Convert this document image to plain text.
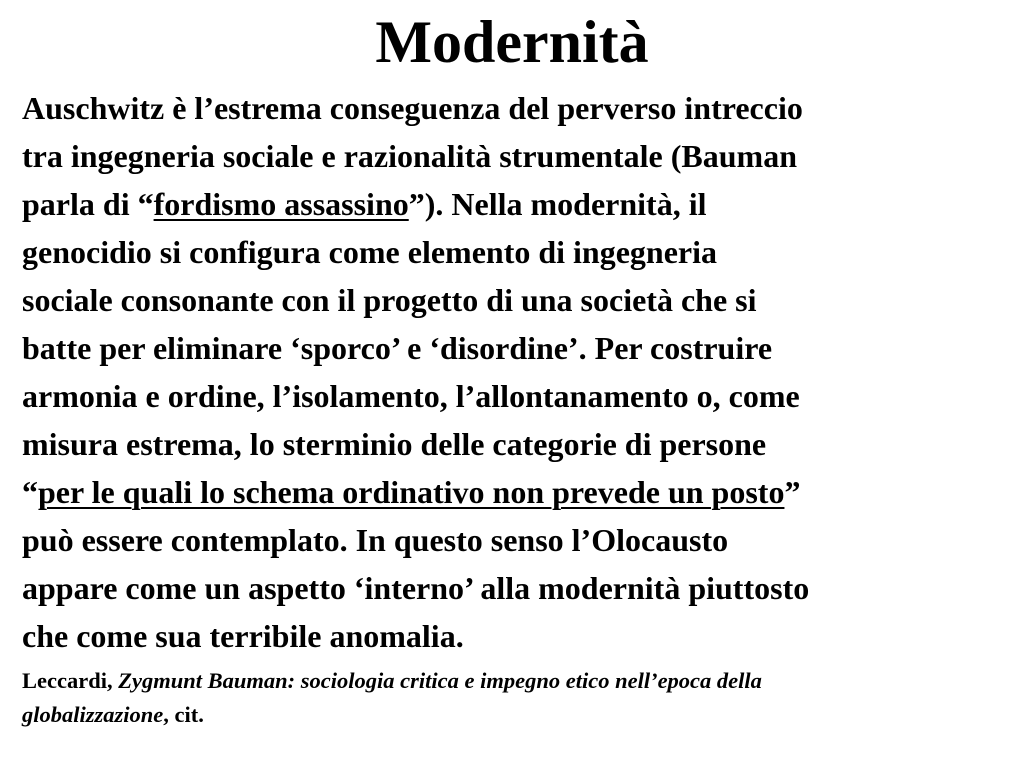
Modernità

Auschwitz è l’estrema conseguenza del perverso intreccio
tra ingegneria sociale e razionalità strumentale (Bauman
parla di “fordismo assassino”). Nella modernità, il
genocidio si configura come elemento di ingegneria
sociale consonante con il progetto di una società che si
batte per eliminare ‘sporco’ e ‘disordine’. Per costruire
armonia e ordine, l’isolamento, l’allontanamento o, come
misura estrema, lo sterminio delle categorie di persone
“per le quali lo schema ordinativo non prevede un posto”
può essere contemplato. In questo senso l’Olocausto
appare come un aspetto ‘interno’ alla modernità piuttosto
che come sua terribile anomalia.

Leccardi, Zygmunt Bauman: sociologia critica e impegno etico nell’epoca della
globalizzazione, cit.
